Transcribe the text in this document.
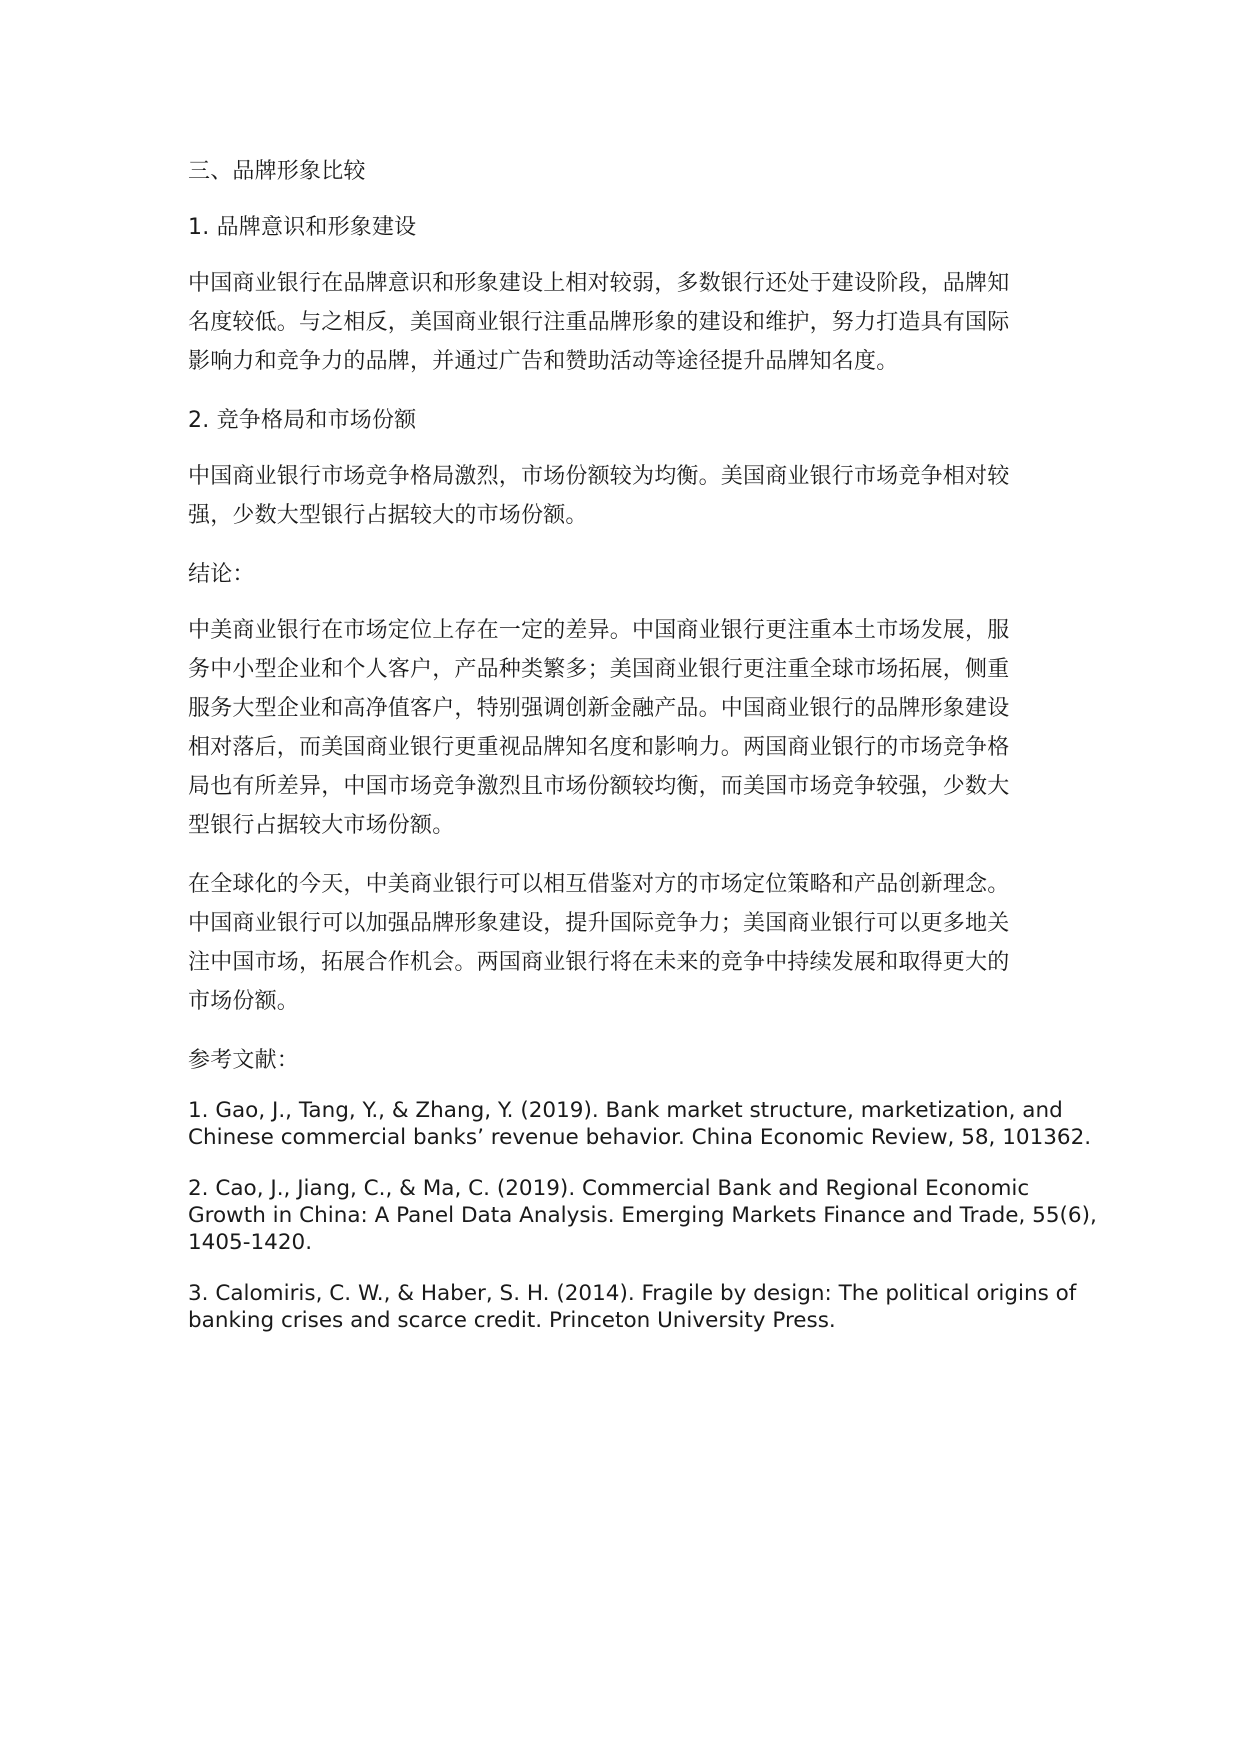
三、品牌形象比较

1. 品牌意识和形象建设

中国商业银行在品牌意识和形象建设上相对较弱，多数银行还处于建设阶段，品牌知
名度较低。与之相反，美国商业银行注重品牌形象的建设和维护，努力打造具有国际
影响力和竞争力的品牌，并通过广告和赞助活动等途径提升品牌知名度。

2. 竞争格局和市场份额

中国商业银行市场竞争格局激烈，市场份额较为均衡。美国商业银行市场竞争相对较
强，少数大型银行占据较大的市场份额。

结论：

中美商业银行在市场定位上存在一定的差异。中国商业银行更注重本土市场发展，服
务中小型企业和个人客户，产品种类繁多；美国商业银行更注重全球市场拓展，侧重
服务大型企业和高净值客户，特别强调创新金融产品。中国商业银行的品牌形象建设
相对落后，而美国商业银行更重视品牌知名度和影响力。两国商业银行的市场竞争格
局也有所差异，中国市场竞争激烈且市场份额较均衡，而美国市场竞争较强，少数大
型银行占据较大市场份额。

在全球化的今天，中美商业银行可以相互借鉴对方的市场定位策略和产品创新理念。
中国商业银行可以加强品牌形象建设，提升国际竞争力；美国商业银行可以更多地关
注中国市场，拓展合作机会。两国商业银行将在未来的竞争中持续发展和取得更大的
市场份额。

参考文献：

1. Gao, J., Tang, Y., & Zhang, Y. (2019). Bank market structure, marketization, and
Chinese commercial banks’ revenue behavior. China Economic Review, 58, 101362.

2. Cao, J., Jiang, C., & Ma, C. (2019). Commercial Bank and Regional Economic
Growth in China: A Panel Data Analysis. Emerging Markets Finance and Trade, 55(6),
1405-1420.

3. Calomiris, C. W., & Haber, S. H. (2014). Fragile by design: The political origins of
banking crises and scarce credit. Princeton University Press.
